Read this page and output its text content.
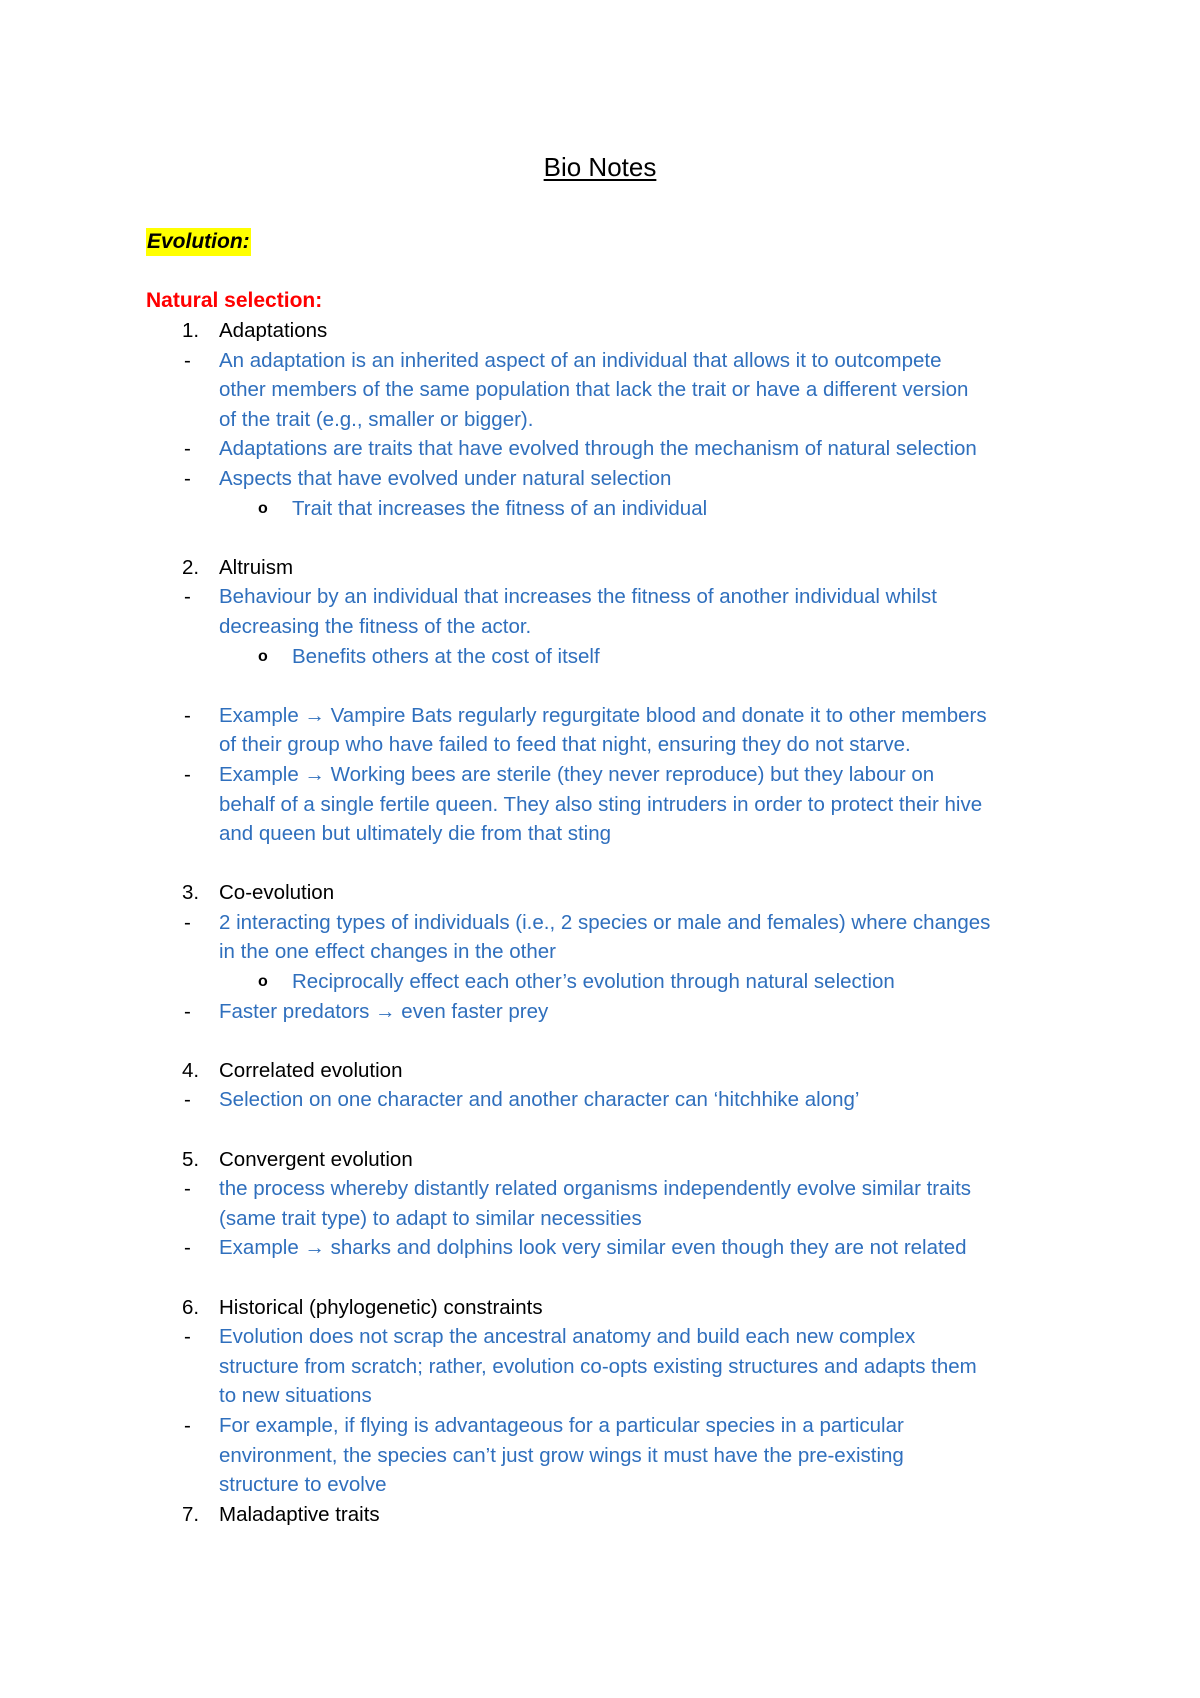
Bio Notes
Evolution:
Natural selection:
1. Adaptations
- An adaptation is an inherited aspect of an individual that allows it to outcompete
other members of the same population that lack the trait or have a different version
of the trait (e.g., smaller or bigger).
- Adaptations are traits that have evolved through the mechanism of natural selection
- Aspects that have evolved under natural selection
o Trait that increases the fitness of an individual
2. Altruism
- Behaviour by an individual that increases the fitness of another individual whilst
decreasing the fitness of the actor.
o Benefits others at the cost of itself
- Example → Vampire Bats regularly regurgitate blood and donate it to other members
of their group who have failed to feed that night, ensuring they do not starve.
- Example → Working bees are sterile (they never reproduce) but they labour on
behalf of a single fertile queen. They also sting intruders in order to protect their hive
and queen but ultimately die from that sting
3. Co-evolution
- 2 interacting types of individuals (i.e., 2 species or male and females) where changes
in the one effect changes in the other
o Reciprocally effect each other’s evolution through natural selection
- Faster predators → even faster prey
4. Correlated evolution
- Selection on one character and another character can ‘hitchhike along’
5. Convergent evolution
- the process whereby distantly related organisms independently evolve similar traits
(same trait type) to adapt to similar necessities
- Example → sharks and dolphins look very similar even though they are not related
6. Historical (phylogenetic) constraints
- Evolution does not scrap the ancestral anatomy and build each new complex
structure from scratch; rather, evolution co-opts existing structures and adapts them
to new situations
- For example, if flying is advantageous for a particular species in a particular
environment, the species can’t just grow wings it must have the pre-existing
structure to evolve
7. Maladaptive traits
